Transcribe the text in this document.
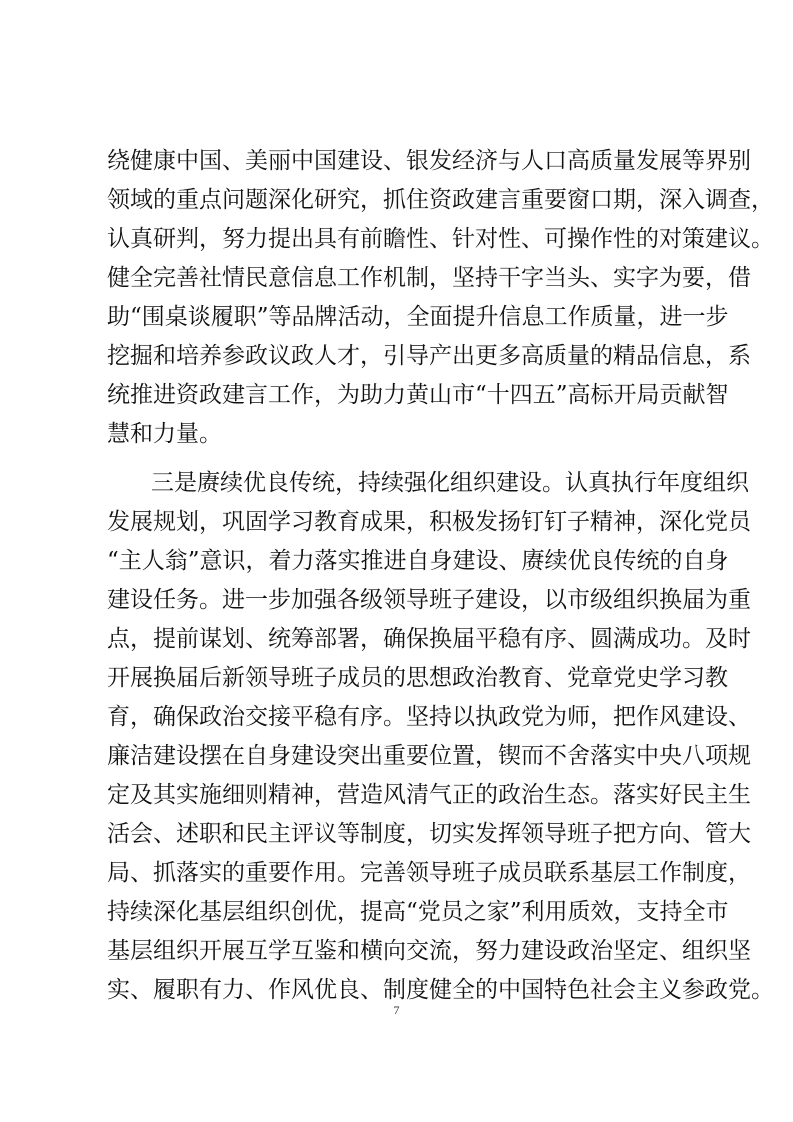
绕健康中国、美丽中国建设、银发经济与人口高质量发展等界别
领域的重点问题深化研究，抓住资政建言重要窗口期，深入调查，
认真研判，努力提出具有前瞻性、针对性、可操作性的对策建议。
健全完善社情民意信息工作机制，坚持干字当头、实字为要，借
助“围桌谈履职”等品牌活动，全面提升信息工作质量，进一步
挖掘和培养参政议政人才，引导产出更多高质量的精品信息，系
统推进资政建言工作，为助力黄山市“十四五”高标开局贡献智
慧和力量。
三是赓续优良传统，持续强化组织建设。认真执行年度组织
发展规划，巩固学习教育成果，积极发扬钉钉子精神，深化党员
“主人翁”意识，着力落实推进自身建设、赓续优良传统的自身
建设任务。进一步加强各级领导班子建设，以市级组织换届为重
点，提前谋划、统筹部署，确保换届平稳有序、圆满成功。及时
开展换届后新领导班子成员的思想政治教育、党章党史学习教
育，确保政治交接平稳有序。坚持以执政党为师，把作风建设、
廉洁建设摆在自身建设突出重要位置，锲而不舍落实中央八项规
定及其实施细则精神，营造风清气正的政治生态。落实好民主生
活会、述职和民主评议等制度，切实发挥领导班子把方向、管大
局、抓落实的重要作用。完善领导班子成员联系基层工作制度，
持续深化基层组织创优，提高“党员之家”利用质效，支持全市
基层组织开展互学互鉴和横向交流，努力建设政治坚定、组织坚
实、履职有力、作风优良、制度健全的中国特色社会主义参政党。
7
